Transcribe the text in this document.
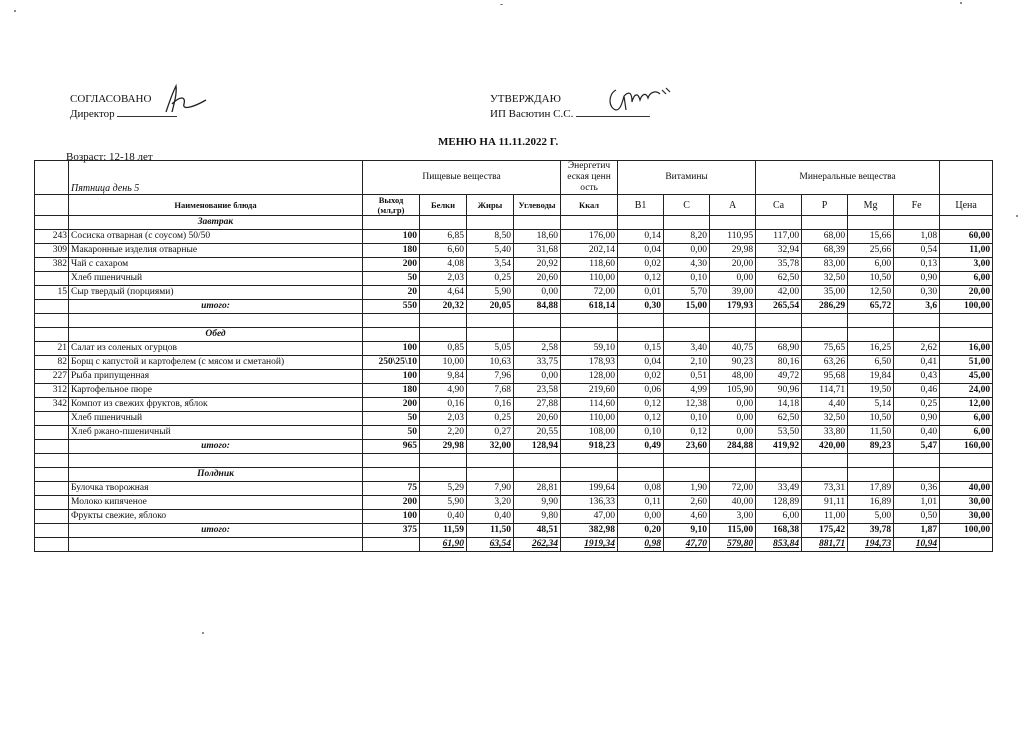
СОГЛАСОВАНО
Директор
УТВЕРЖДАЮ
ИП Васютин С.С.
МЕНЮ НА 11.11.2022 Г.
Возраст: 12-18 лет
	Пятница день 5	Пищевые вещества				Энергетическая ценность	Витамины			Минеральные вещества				
	Наименование блюда	Выход (мл,гр)	Белки	Жиры	Углеводы	Ккал	B1	C	A	Ca	P	Mg	Fe	Цена
	Завтрак													
243	Сосиска отварная (с соусом) 50/50	100	6,85	8,50	18,60	176,00	0,14	8,20	110,95	117,00	68,00	15,66	1,08	60,00
309	Макаронные изделия отварные	180	6,60	5,40	31,68	202,14	0,04	0,00	29,98	32,94	68,39	25,66	0,54	11,00
382	Чай с сахаром	200	4,08	3,54	20,92	118,60	0,02	4,30	20,00	35,78	83,00	6,00	0,13	3,00
	Хлеб пшеничный	50	2,03	0,25	20,60	110,00	0,12	0,10	0,00	62,50	32,50	10,50	0,90	6,00
15	Сыр твердый (порциями)	20	4,64	5,90	0,00	72,00	0,01	5,70	39,00	42,00	35,00	12,50	0,30	20,00
	итого:	550	20,32	20,05	84,88	618,14	0,30	15,00	179,93	265,54	286,29	65,72	3,6	100,00

	Обед													
21	Салат из соленых огурцов	100	0,85	5,05	2,58	59,10	0,15	3,40	40,75	68,90	75,65	16,25	2,62	16,00
82	Борщ с капустой и картофелем (с мясом и сметаной)	250\25\10	10,00	10,63	33,75	178,93	0,04	2,10	90,23	80,16	63,26	6,50	0,41	51,00
227	Рыба припущенная	100	9,84	7,96	0,00	128,00	0,02	0,51	48,00	49,72	95,68	19,84	0,43	45,00
312	Картофельное пюре	180	4,90	7,68	23,58	219,60	0,06	4,99	105,90	90,96	114,71	19,50	0,46	24,00
342	Компот из свежих фруктов, яблок	200	0,16	0,16	27,88	114,60	0,12	12,38	0,00	14,18	4,40	5,14	0,25	12,00
	Хлеб пшеничный	50	2,03	0,25	20,60	110,00	0,12	0,10	0,00	62,50	32,50	10,50	0,90	6,00
	Хлеб ржано-пшеничный	50	2,20	0,27	20,55	108,00	0,10	0,12	0,00	53,50	33,80	11,50	0,40	6,00
	итого:	965	29,98	32,00	128,94	918,23	0,49	23,60	284,88	419,92	420,00	89,23	5,47	160,00

	Полдник													
	Булочка творожная	75	5,29	7,90	28,81	199,64	0,08	1,90	72,00	33,49	73,31	17,89	0,36	40,00
	Молоко кипяченое	200	5,90	3,20	9,90	136,33	0,11	2,60	40,00	128,89	91,11	16,89	1,01	30,00
	Фрукты свежие, яблоко	100	0,40	0,40	9,80	47,00	0,00	4,60	3,00	6,00	11,00	5,00	0,50	30,00
	итого:	375	11,59	11,50	48,51	382,98	0,20	9,10	115,00	168,38	175,42	39,78	1,87	100,00
			61,90	63,54	262,34	1919,34	0,98	47,70	579,80	853,84	881,71	194,73	10,94	
